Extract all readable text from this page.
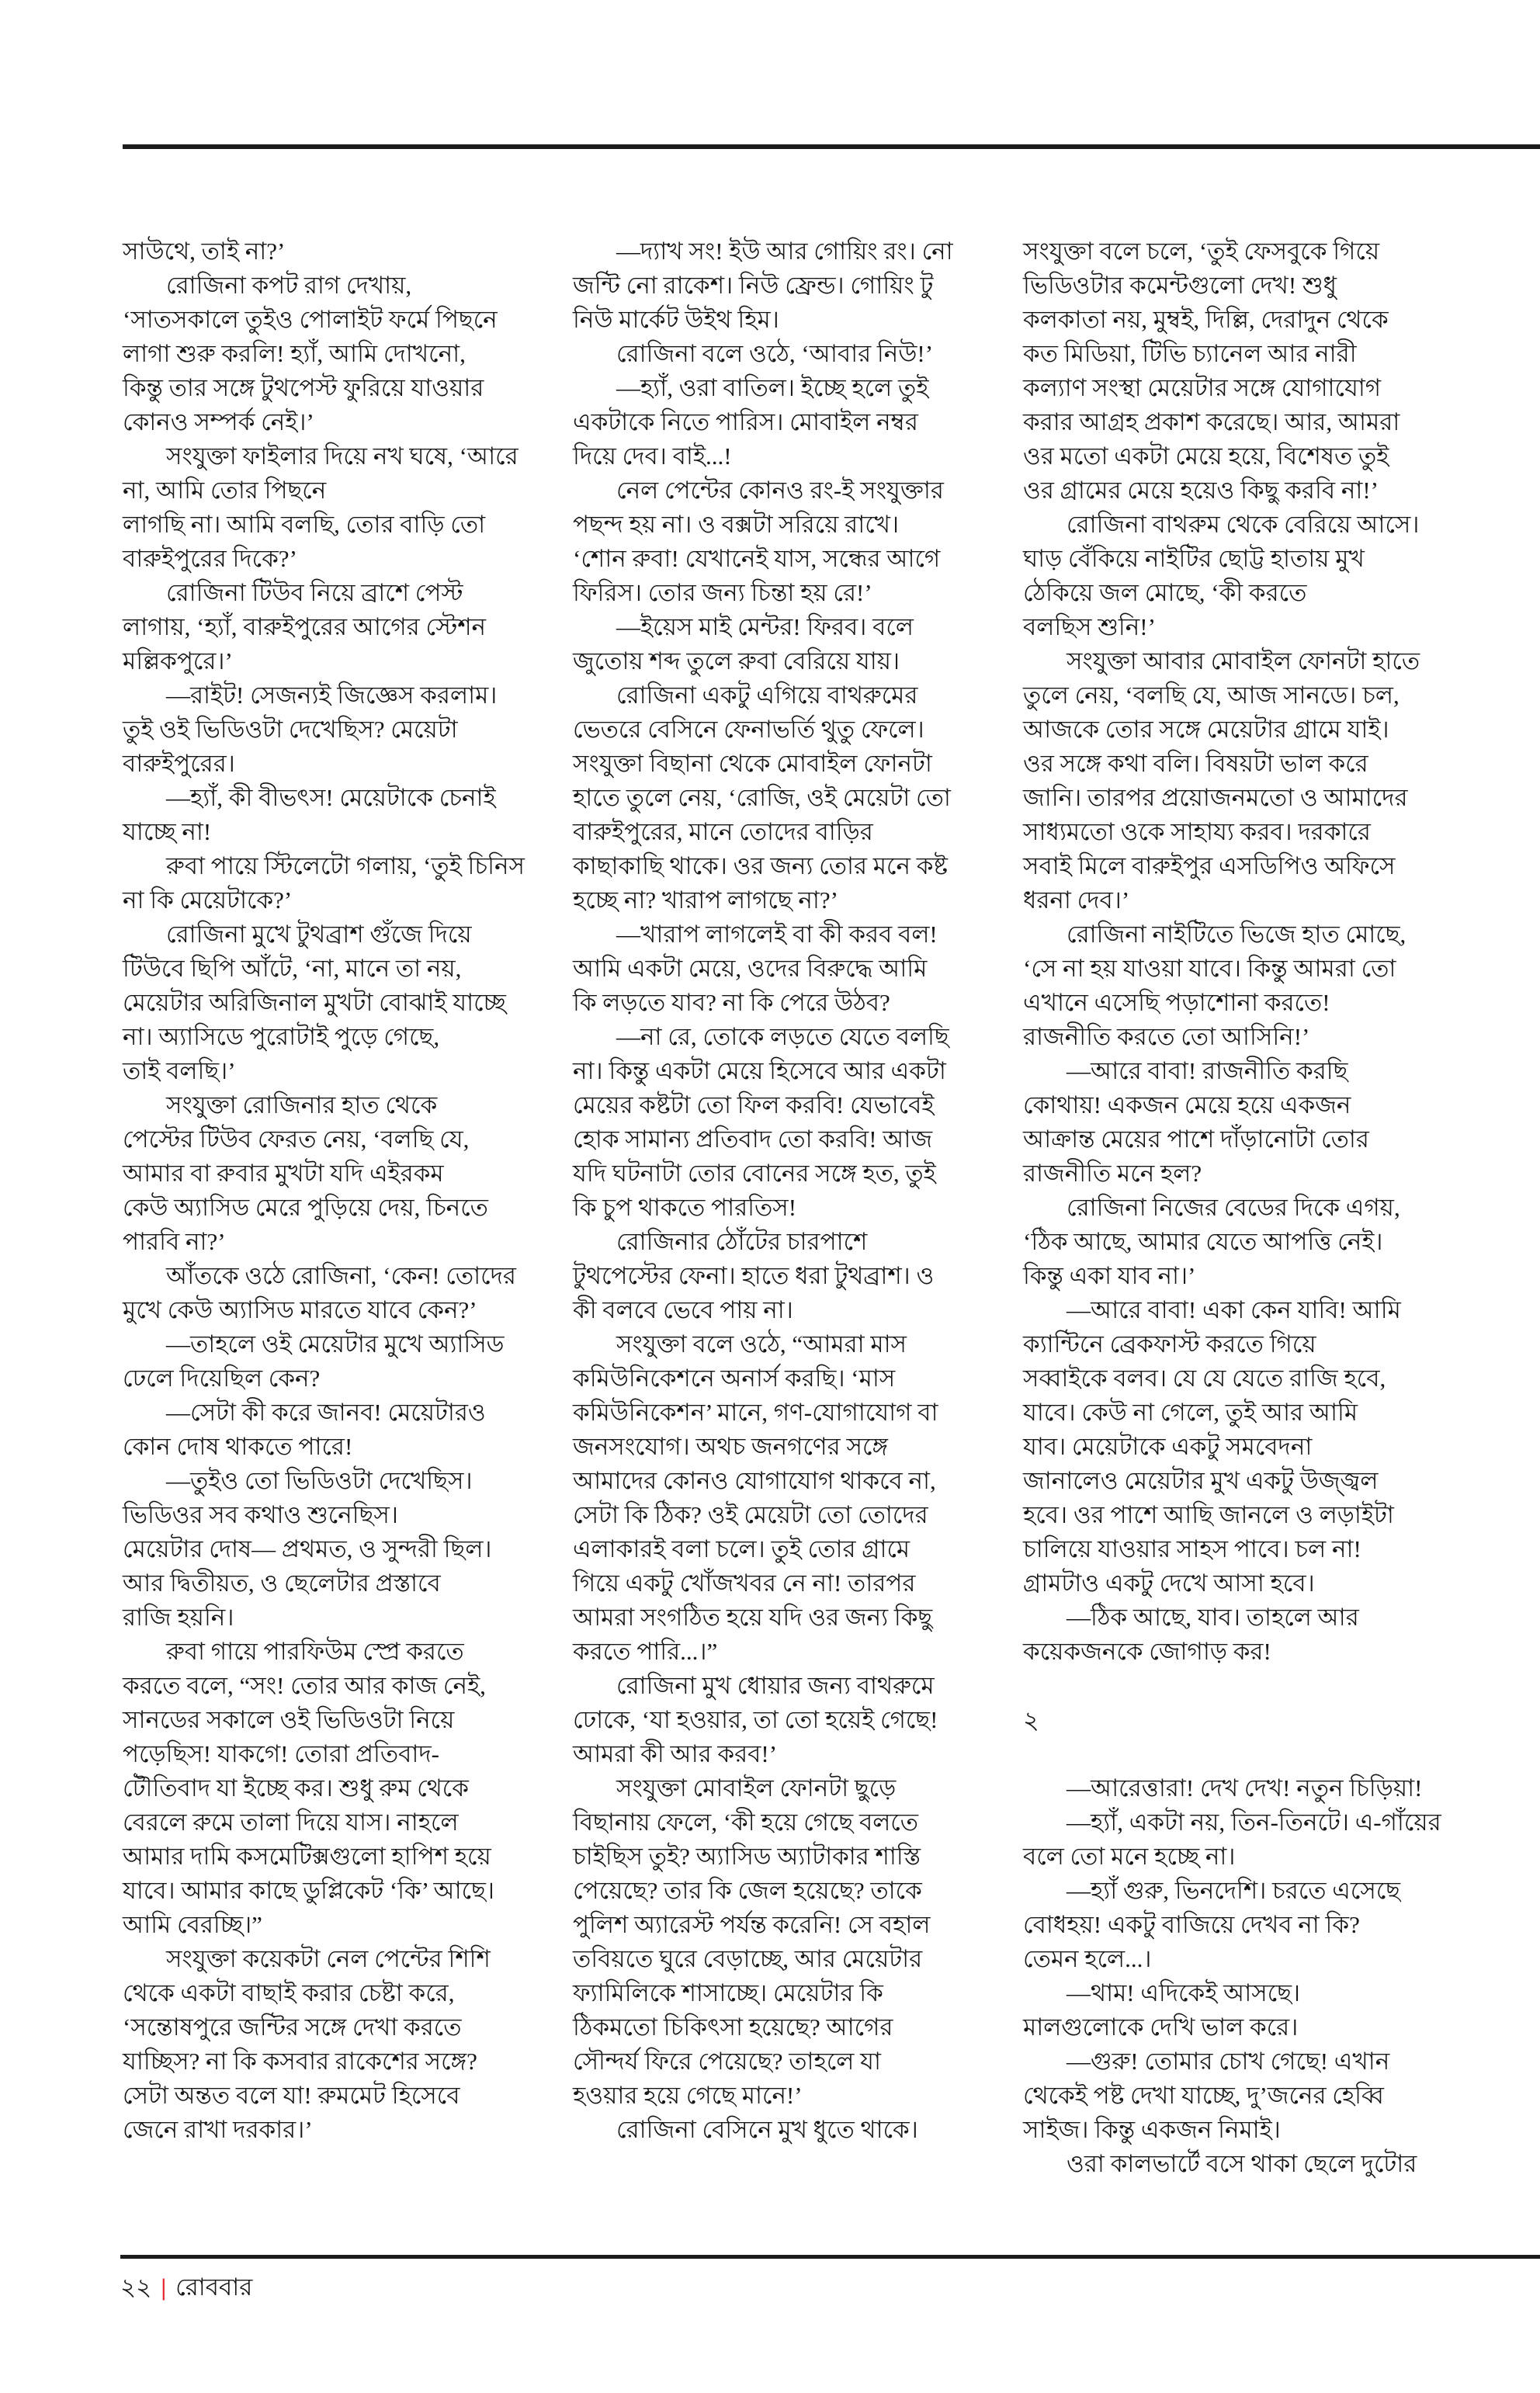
সাউথে, তাই না?’
রোজিনা কপট রাগ দেখায়,
‘সাতসকালে তুইও পোলাইট ফর্মে পিছনে
লাগা শুরু করলি! হ্যাঁ, আমি দোখনো,
কিন্তু তার সঙ্গে টুথপেস্ট ফুরিয়ে যাওয়ার
কোনও সম্পর্ক নেই।’
সংযুক্তা ফাইলার দিয়ে নখ ঘষে, ‘আরে
না, আমি তোর পিছনে
লাগছি না। আমি বলছি, তোর বাড়ি তো
বারুইপুরের দিকে?’
রোজিনা টিউব নিয়ে ব্রাশে পেস্ট
লাগায়, ‘হ্যাঁ, বারুইপুরের আগের স্টেশন
মল্লিকপুরে।’
—রাইট! সেজন্যই জিজ্ঞেস করলাম।
তুই ওই ভিডিওটা দেখেছিস? মেয়েটা
বারুইপুরের।
—হ্যাঁ, কী বীভৎস! মেয়েটাকে চেনাই
যাচ্ছে না!
রুবা পায়ে স্টিলেটো গলায়, ‘তুই চিনিস
না কি মেয়েটাকে?’
রোজিনা মুখে টুথব্রাশ গুঁজে দিয়ে
টিউবে ছিপি আঁটে, ‘না, মানে তা নয়,
মেয়েটার অরিজিনাল মুখটা বোঝাই যাচ্ছে
না। অ্যাসিডে পুরোটাই পুড়ে গেছে,
তাই বলছি।’
সংযুক্তা রোজিনার হাত থেকে
পেস্টের টিউব ফেরত নেয়, ‘বলছি যে,
আমার বা রুবার মুখটা যদি এইরকম
কেউ অ্যাসিড মেরে পুড়িয়ে দেয়, চিনতে
পারবি না?’
আঁতকে ওঠে রোজিনা, ‘কেন! তোদের
মুখে কেউ অ্যাসিড মারতে যাবে কেন?’
—তাহলে ওই মেয়েটার মুখে অ্যাসিড
ঢেলে দিয়েছিল কেন?
—সেটা কী করে জানব! মেয়েটারও
কোন দোষ থাকতে পারে!
—তুইও তো ভিডিওটা দেখেছিস।
ভিডিওর সব কথাও শুনেছিস।
মেয়েটার দোষ— প্রথমত, ও সুন্দরী ছিল।
আর দ্বিতীয়ত, ও ছেলেটার প্রস্তাবে
রাজি হয়নি।
রুবা গায়ে পারফিউম স্প্রে করতে
করতে বলে, “সং! তোর আর কাজ নেই,
সানডের সকালে ওই ভিডিওটা নিয়ে
পড়েছিস! যাকগে! তোরা প্রতিবাদ-
টৌতিবাদ যা ইচ্ছে কর। শুধু রুম থেকে
বেরলে রুমে তালা দিয়ে যাস। নাহলে
আমার দামি কসমেটিক্সগুলো হাপিশ হয়ে
যাবে। আমার কাছে ডুপ্লিকেট ‘কি’ আছে।
আমি বেরচ্ছি।”
সংযুক্তা কয়েকটা নেল পেন্টের শিশি
থেকে একটা বাছাই করার চেষ্টা করে,
‘সন্তোষপুরে জন্টির সঙ্গে দেখা করতে
যাচ্ছিস? না কি কসবার রাকেশের সঙ্গে?
সেটা অন্তত বলে যা! রুমমেট হিসেবে
জেনে রাখা দরকার।’
—দ্যাখ সং! ইউ আর গোয়িং রং। নো
জন্টি নো রাকেশ। নিউ ফ্রেন্ড। গোয়িং টু
নিউ মার্কেট উইথ হিম।
রোজিনা বলে ওঠে, ‘আবার নিউ!’
—হ্যাঁ, ওরা বাতিল। ইচ্ছে হলে তুই
একটাকে নিতে পারিস। মোবাইল নম্বর
দিয়ে দেব। বাই...!
নেল পেন্টের কোনও রং-ই সংযুক্তার
পছন্দ হয় না। ও বক্সটা সরিয়ে রাখে।
‘শোন রুবা! যেখানেই যাস, সন্ধের আগে
ফিরিস। তোর জন্য চিন্তা হয় রে!’
—ইয়েস মাই মেন্টর! ফিরব। বলে
জুতোয় শব্দ তুলে রুবা বেরিয়ে যায়।
রোজিনা একটু এগিয়ে বাথরুমের
ভেতরে বেসিনে ফেনাভর্তি থুতু ফেলে।
সংযুক্তা বিছানা থেকে মোবাইল ফোনটা
হাতে তুলে নেয়, ‘রোজি, ওই মেয়েটা তো
বারুইপুরের, মানে তোদের বাড়ির
কাছাকাছি থাকে। ওর জন্য তোর মনে কষ্ট
হচ্ছে না? খারাপ লাগছে না?’
—খারাপ লাগলেই বা কী করব বল!
আমি একটা মেয়ে, ওদের বিরুদ্ধে আমি
কি লড়তে যাব? না কি পেরে উঠব?
—না রে, তোকে লড়তে যেতে বলছি
না। কিন্তু একটা মেয়ে হিসেবে আর একটা
মেয়ের কষ্টটা তো ফিল করবি! যেভাবেই
হোক সামান্য প্রতিবাদ তো করবি! আজ
যদি ঘটনাটা তোর বোনের সঙ্গে হত, তুই
কি চুপ থাকতে পারতিস!
রোজিনার ঠোঁটের চারপাশে
টুথপেস্টের ফেনা। হাতে ধরা টুথব্রাশ। ও
কী বলবে ভেবে পায় না।
সংযুক্তা বলে ওঠে, “আমরা মাস
কমিউনিকেশনে অনার্স করছি। ‘মাস
কমিউনিকেশন’ মানে, গণ-যোগাযোগ বা
জনসংযোগ। অথচ জনগণের সঙ্গে
আমাদের কোনও যোগাযোগ থাকবে না,
সেটা কি ঠিক? ওই মেয়েটা তো তোদের
এলাকারই বলা চলে। তুই তোর গ্রামে
গিয়ে একটু খোঁজখবর নে না! তারপর
আমরা সংগঠিত হয়ে যদি ওর জন্য কিছু
করতে পারি...।”
রোজিনা মুখ ধোয়ার জন্য বাথরুমে
ঢোকে, ‘যা হওয়ার, তা তো হয়েই গেছে!
আমরা কী আর করব!’
সংযুক্তা মোবাইল ফোনটা ছুড়ে
বিছানায় ফেলে, ‘কী হয়ে গেছে বলতে
চাইছিস তুই? অ্যাসিড অ্যাটাকার শাস্তি
পেয়েছে? তার কি জেল হয়েছে? তাকে
পুলিশ অ্যারেস্ট পর্যন্ত করেনি! সে বহাল
তবিয়তে ঘুরে বেড়াচ্ছে, আর মেয়েটার
ফ্যামিলিকে শাসাচ্ছে। মেয়েটার কি
ঠিকমতো চিকিৎসা হয়েছে? আগের
সৌন্দর্য ফিরে পেয়েছে? তাহলে যা
হওয়ার হয়ে গেছে মানে!’
রোজিনা বেসিনে মুখ ধুতে থাকে।
সংযুক্তা বলে চলে, ‘তুই ফেসবুকে গিয়ে
ভিডিওটার কমেন্টগুলো দেখ! শুধু
কলকাতা নয়, মুম্বই, দিল্লি, দেরাদুন থেকে
কত মিডিয়া, টিভি চ্যানেল আর নারী
কল্যাণ সংস্থা মেয়েটার সঙ্গে যোগাযোগ
করার আগ্রহ প্রকাশ করেছে। আর, আমরা
ওর মতো একটা মেয়ে হয়ে, বিশেষত তুই
ওর গ্রামের মেয়ে হয়েও কিছু করবি না!’
রোজিনা বাথরুম থেকে বেরিয়ে আসে।
ঘাড় বেঁকিয়ে নাইটির ছোট্ট হাতায় মুখ
ঠেকিয়ে জল মোছে, ‘কী করতে
বলছিস শুনি!’
সংযুক্তা আবার মোবাইল ফোনটা হাতে
তুলে নেয়, ‘বলছি যে, আজ সানডে। চল,
আজকে তোর সঙ্গে মেয়েটার গ্রামে যাই।
ওর সঙ্গে কথা বলি। বিষয়টা ভাল করে
জানি। তারপর প্রয়োজনমতো ও আমাদের
সাধ্যমতো ওকে সাহায্য করব। দরকারে
সবাই মিলে বারুইপুর এসডিপিও অফিসে
ধরনা দেব।’
রোজিনা নাইটিতে ভিজে হাত মোছে,
‘সে না হয় যাওয়া যাবে। কিন্তু আমরা তো
এখানে এসেছি পড়াশোনা করতে!
রাজনীতি করতে তো আসিনি!’
—আরে বাবা! রাজনীতি করছি
কোথায়! একজন মেয়ে হয়ে একজন
আক্রান্ত মেয়ের পাশে দাঁড়ানোটা তোর
রাজনীতি মনে হল?
রোজিনা নিজের বেডের দিকে এগয়,
‘ঠিক আছে, আমার যেতে আপত্তি নেই।
কিন্তু একা যাব না।’
—আরে বাবা! একা কেন যাবি! আমি
ক্যান্টিনে ব্রেকফাস্ট করতে গিয়ে
সব্বাইকে বলব। যে যে যেতে রাজি হবে,
যাবে। কেউ না গেলে, তুই আর আমি
যাব। মেয়েটাকে একটু সমবেদনা
জানালেও মেয়েটার মুখ একটু উজ্জ্বল
হবে। ওর পাশে আছি জানলে ও লড়াইটা
চালিয়ে যাওয়ার সাহস পাবে। চল না!
গ্রামটাও একটু দেখে আসা হবে।
—ঠিক আছে, যাব। তাহলে আর
কয়েকজনকে জোগাড় কর!
২
—আরেত্তারা! দেখ দেখ! নতুন চিড়িয়া!
—হ্যাঁ, একটা নয়, তিন-তিনটে। এ-গাঁয়ের
বলে তো মনে হচ্ছে না।
—হ্যাঁ গুরু, ভিনদেশি। চরতে এসেছে
বোধহয়! একটু বাজিয়ে দেখব না কি?
তেমন হলে...।
—থাম! এদিকেই আসছে।
মালগুলোকে দেখি ভাল করে।
—গুরু! তোমার চোখ গেছে! এখান
থেকেই পষ্ট দেখা যাচ্ছে, দু’জনের হেব্বি
সাইজ। কিন্তু একজন নিমাই।
ওরা কালভার্টে বসে থাকা ছেলে দুটোর
২২ | রোববার
